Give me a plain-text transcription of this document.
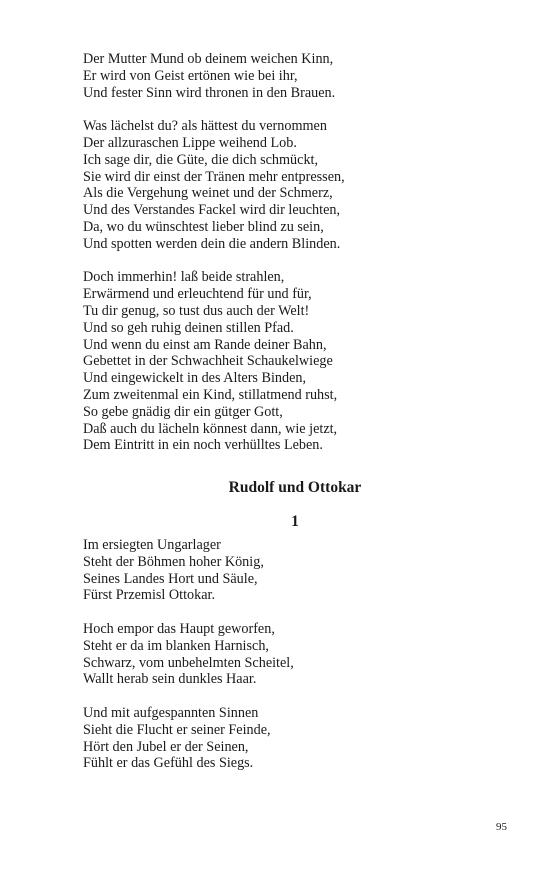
Der Mutter Mund ob deinem weichen Kinn,
Er wird von Geist ertönen wie bei ihr,
Und fester Sinn wird thronen in den Brauen.
Was lächelst du? als hättest du vernommen
Der allzuraschen Lippe weihend Lob.
Ich sage dir, die Güte, die dich schmückt,
Sie wird dir einst der Tränen mehr entpressen,
Als die Vergehung weinet und der Schmerz,
Und des Verstandes Fackel wird dir leuchten,
Da, wo du wünschtest lieber blind zu sein,
Und spotten werden dein die andern Blinden.
Doch immerhin! laß beide strahlen,
Erwärmend und erleuchtend für und für,
Tu dir genug, so tust dus auch der Welt!
Und so geh ruhig deinen stillen Pfad.
Und wenn du einst am Rande deiner Bahn,
Gebettet in der Schwachheit Schaukelwiege
Und eingewickelt in des Alters Binden,
Zum zweitenmal ein Kind, stillatmend ruhst,
So gebe gnädig dir ein gütger Gott,
Daß auch du lächeln könnest dann, wie jetzt,
Dem Eintritt in ein noch verhülltes Leben.
Rudolf und Ottokar
1
Im ersiegten Ungarlager
Steht der Böhmen hoher König,
Seines Landes Hort und Säule,
Fürst Przemisl Ottokar.
Hoch empor das Haupt geworfen,
Steht er da im blanken Harnisch,
Schwarz, vom unbehelmten Scheitel,
Wallt herab sein dunkles Haar.
Und mit aufgespannten Sinnen
Sieht die Flucht er seiner Feinde,
Hört den Jubel er der Seinen,
Fühlt er das Gefühl des Siegs.
95
